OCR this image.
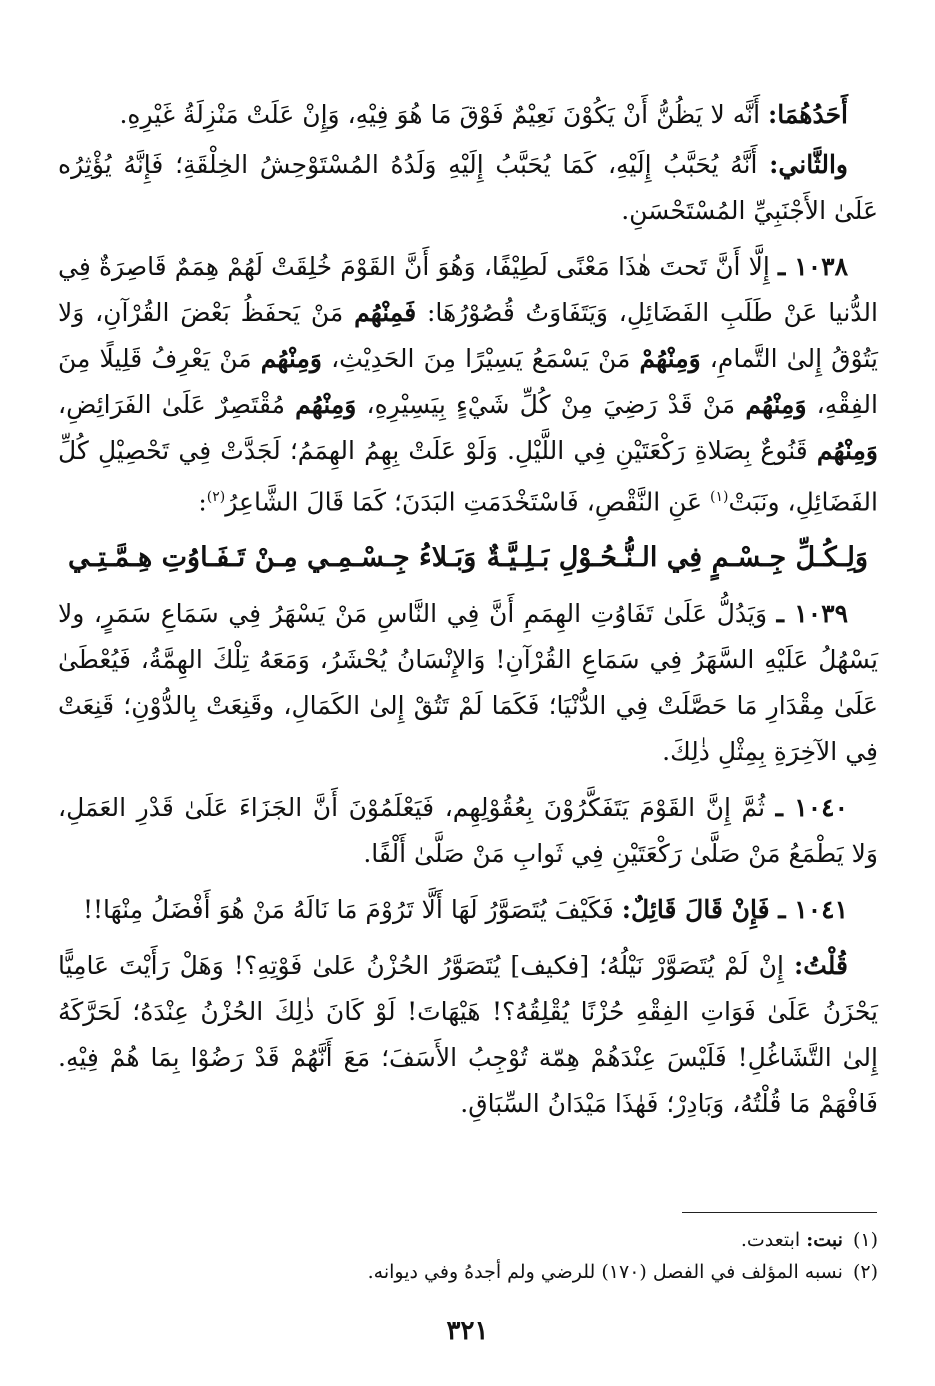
أَحَدُهُمَا: أَنَّه لا يَظُنُّ أَنْ يَكُوْنَ نَعِيْمٌ فَوْقَ مَا هُوَ فِيْهِ، وَإِنْ عَلَتْ مَنْزِلَةُ غَيْرِهِ.

والثَّاني: أَنَّهُ يُحَبَّبُ إِلَيْهِ، كَمَا يُحَبَّبُ إِلَيْهِ وَلَدُهُ المُسْتَوْحِشُ الخِلْقَةِ؛ فَإِنَّهُ يُؤْثِرُه عَلَىٰ الأَجْنَبِيِّ المُسْتَحْسَنِ.

١٠٣٨ ـ إِلَّا أَنَّ تَحتَ هٰذَا مَعْنًى لَطِيْفًا، وَهُوَ أَنَّ القَوْمَ خُلِقَتْ لَهُمْ هِمَمٌ قَاصِرَةٌ فِي الدُّنيا عَنْ طَلَبِ الفَضَائِلِ، وَيَتَفَاوَتُ قُصُوْرُهَا: فَمِنْهُم مَنْ يَحفَظُ بَعْضَ القُرْآنِ، وَلا يَتُوْقُ إِلىٰ التَّمامِ، وَمِنْهُمْ مَنْ يَسْمَعُ يَسِيْرًا مِنَ الحَدِيْثِ، وَمِنْهُم مَنْ يَعْرِفُ قَلِيلًا مِنَ الفِقْهِ، وَمِنْهُم مَنْ قَدْ رَضِيَ مِنْ كُلِّ شَيْءٍ بِيَسِيْرِهِ، وَمِنْهُم مُقْتَصِرٌ عَلَىٰ الفَرَائِضِ، وَمِنْهُم قَنُوعٌ بِصَلاةِ رَكْعَتَيْنِ فِي اللَّيْلِ. وَلَوْ عَلَتْ بِهِمُ الهِمَمُ؛ لَجَدَّتْ فِي تَحْصِيْلِ كُلِّ الفَضَائِلِ، ونَبَتْ$^{(١)}$ عَنِ النَّقْصِ، فَاسْتَخْدَمَتِ البَدَنَ؛ كَمَا قَالَ الشَّاعِرُ$^{(٢)}$:

وَلِـكُـلِّ جِـسْـمٍ فِي الـنُّـحُـوْلِ بَـلِـيَّـةٌ
وَبَـلاءُ جِـسْـمِـي مِـنْ تَـفَـاوُتِ هِـمَّـتِـي

١٠٣٩ ـ وَيَدُلُّ عَلَىٰ تَفَاوُتِ الهِمَمِ أَنَّ فِي النَّاسِ مَنْ يَسْهَرُ فِي سَمَاعِ سَمَرٍ، ولا يَسْهُلُ عَلَيْهِ السَّهَرُ فِي سَمَاعِ القُرْآنِ! وَالإِنْسَانُ يُحْشَرُ، وَمَعَهُ تِلْكَ الهِمَّةُ، فَيُعْطَىٰ عَلَىٰ مِقْدَارِ مَا حَصَّلَتْ فِي الدُّنْيَا؛ فَكَمَا لَمْ تَتُقْ إِلىٰ الكَمَالِ، وقَنِعَتْ بِالدُّوْنِ؛ قَنِعَتْ فِي الآخِرَةِ بِمِثْلِ ذٰلِكَ.

١٠٤٠ ـ ثُمَّ إِنَّ القَوْمَ يَتَفَكَّرُوْنَ بِعُقُوْلِهِم، فَيَعْلَمُوْنَ أَنَّ الجَزَاءَ عَلَىٰ قَدْرِ العَمَلِ، وَلا يَطْمَعُ مَنْ صَلَّىٰ رَكْعَتَيْنِ فِي ثَوابِ مَنْ صَلَّىٰ أَلْفًا.

١٠٤١ ـ فَإِنْ قَالَ قَائِلٌ: فَكَيْفَ يُتَصَوَّرُ لَهَا أَلَّا تَرُوْمَ مَا نَالَهُ مَنْ هُوَ أَفْضَلُ مِنْهَا!!

قُلْتُ: إِنْ لَمْ يُتَصَوَّرْ نَيْلُهُ؛ [فكيف] يُتَصَوَّرُ الحُزْنُ عَلىٰ فَوْتِهِ؟! وَهَلْ رَأَيْتَ عَامِيًّا يَحْزَنُ عَلَىٰ فَوَاتِ الفِقْهِ حُزْنًا يُقْلِقُهُ؟! هَيْهَاتَ! لَوْ كَانَ ذٰلِكَ الحُزْنُ عِنْدَهُ؛ لَحَرَّكَهُ إِلىٰ التَّشَاغُلِ! فَلَيْسَ عِنْدَهُمْ هِمّة تُوْجِبُ الأَسَفَ؛ مَعَ أَنَّهُمْ قَدْ رَضُوْا بِمَا هُمْ فِيْهِ. فَافْهَمْ مَا قُلْتُهُ، وَبَادِرْ؛ فَهٰذَا مَيْدَانُ السِّبَاقِ.

(١)نبت: ابتعدت.
(٢)نسبه المؤلف في الفصل (١٧٠) للرضي ولم أجدهُ وفي ديوانه.
٣٢١
